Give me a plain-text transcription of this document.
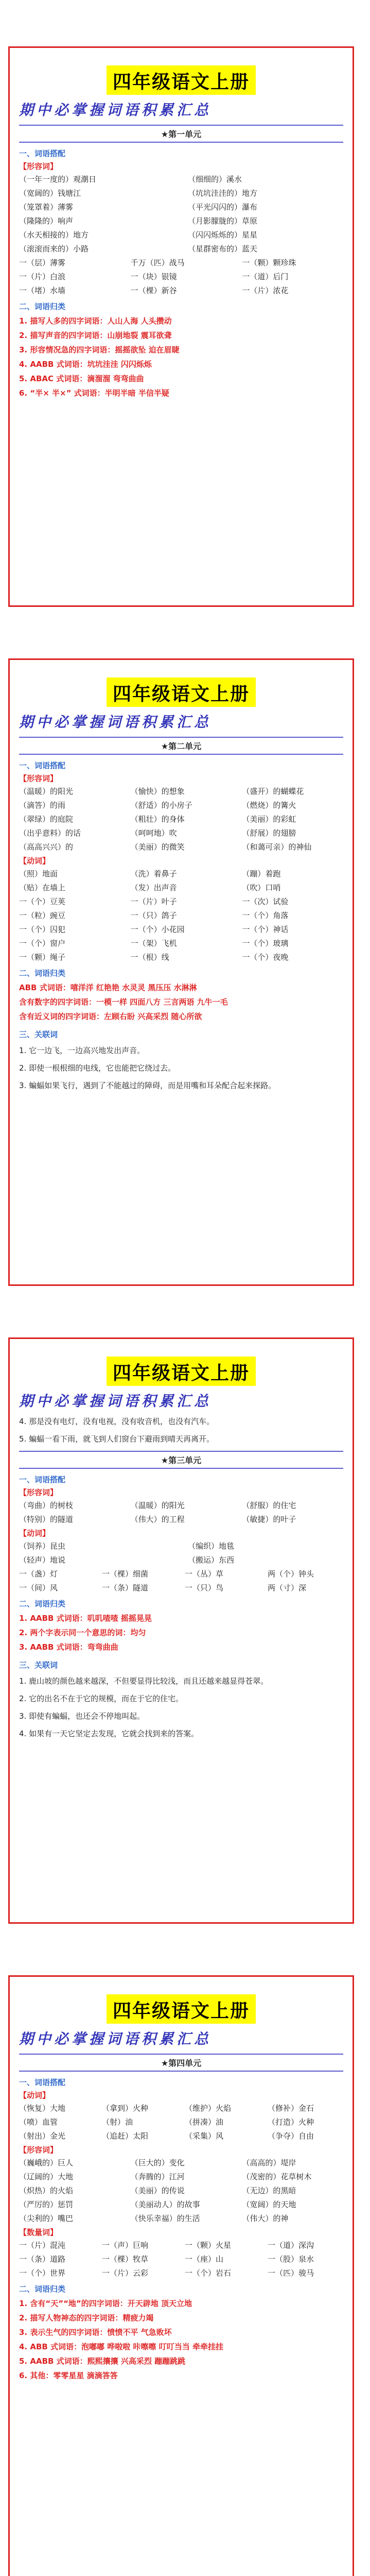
四年级语文上册
期中必掌握词语积累汇总
★第一单元
一、词语搭配
【形容词】
（一年一度的）观潮日	（细细的）溪水
（宽阔的）钱塘江	（坑坑洼洼的）地方
（笼罩着）薄雾	（平光闪闪的）瀑布
（隆隆的）响声	（月影朦胧的）草原
（水天相接的）地方	（闪闪烁烁的）星星
（滚滚而来的）小路	（星群密布的）蓝天
一（层）薄雾	千万（匹）战马	一（颗）颗珍珠
一（片）白浪	一（块）银镜	一（道）后门
一（堵）水墙	一（棵）新谷	一（片）浓花
二、词语归类
1. 描写人多的四字词语：人山人海 人头攒动
2. 描写声音的四字词语：山崩地裂 震耳欲聋
3. 形容情况急的四字词语：摇摇欲坠 迫在眉睫
4. AABB 式词语：坑坑洼洼 闪闪烁烁
5. ABAC 式词语：滴溜溜 弯弯曲曲
6. “半× 半×” 式词语：半明半暗 半信半疑
四年级语文上册
期中必掌握词语积累汇总
★第二单元
一、词语搭配
【形容词】
（温暖）的阳光	（愉快）的想象	（盛开）的蝴蝶花
（滴答）的雨	（舒适）的小房子	（燃烧）的篝火
（翠绿）的庭院	（粗壮）的身体	（美丽）的彩虹
（出乎意料）的话	（呵呵地）吹	（舒展）的翅膀
（高高兴兴）的	（美丽）的微笑	（和蔼可亲）的神仙
【动词】
（照）地面	（洗）着鼻子	（蹦）着跑
（贴）在墙上	（发）出声音	（吹）口哨
一（个）豆荚	一（片）叶子	一（次）试验
一（粒）豌豆	一（只）鸽子	一（个）角落
一（个）囚犯	一（个）小花园	一（个）神话
一（个）窗户	一（架）飞机	一（个）玻璃
一（颗）绳子	一（根）线	一（个）夜晚
二、词语归类
ABB 式词语：嘻洋洋 红艳艳 水灵灵 黑压压 水淋淋
含有数字的四字词语：一模一样 四面八方 三言两语 九牛一毛
含有近义词的四字词语：左顾右盼 兴高采烈 随心所欲
三、关联词
1. 它一边飞，一边高兴地发出声音。
2. 即使一根根细的电线，它也能把它绕过去。
3. 蝙蝠如果飞行，遇到了不能越过的障碍，而是用嘴和耳朵配合起来探路。
四年级语文上册
期中必掌握词语积累汇总
4. 那是没有电灯，没有电视，没有收音机，也没有汽车。
5. 蝙蝠一看下雨，就飞到人们窗台下避雨到晴天再离开。
★第三单元
一、词语搭配
【形容词】
（弯曲）的树枝	（温暖）的阳光	（舒服）的住宅
（特别）的隧道	（伟大）的工程	（敏捷）的叶子
【动词】
（饲养）昆虫	（编织）地毯
（轻声）地说	（搬运）东西
一（盏）灯	一（棵）细菌	一（丛）草	两（个）钟头
一（间）风	一（条）隧道	一（只）鸟	两（寸）深
二、词语归类
1. AABB 式词语：叽叽喳喳 摇摇晃晃
2. 两个字表示同一个意思的词：均匀
3. AABB 式词语：弯弯曲曲
三、关联词
1. 鹿山坡的颜色越来越深，不但要显得比较浅，而且还越来越显得苍翠。
2. 它的出名不在于它的规模，而在于它的住宅。
3. 即使有蝙蝠，也还会不停地叫起。
4. 如果有一天它坚定去发现，它就会找到来的答案。
四年级语文上册
期中必掌握词语积累汇总
★第四单元
一、词语搭配
【动词】
（恢复）大地	（拿到）火种	（维护）火焰	（修补）金石
（喷）血管	（射）油	（拼凑）油	（打造）火种
（射出）金光	（追赶）太阳	（采集）风	（争夺）自由
【形容词】
（巍峨的）巨人	（巨大的）变化	（高高的）堤岸
（辽阔的）大地	（奔腾的）江河	（茂密的）花草树木
（炽热）的火焰	（美丽）的传说	（无边）的黑暗
（严厉的）惩罚	（美丽动人）的故事	（宽阔）的天地
（尖利的）嘴巴	（快乐幸福）的生活	（伟大）的神
【数量词】
一（片）混沌	一（声）巨响	一（颗）火星	一（道）深沟
一（条）道路	一（棵）牧草	一（座）山	一（股）泉水
一（个）世界	一（片）云彩	一（个）岩石	一（匹）骏马
二、词语归类
1. 含有“天”“地”的四字词语：开天辟地 顶天立地
2. 描写人物神态的四字词语：精疲力竭
3. 表示生气的四字词语：愤愤不平 气急败坏
4. ABB 式词语：泡嘟嘟 哗啦啦 咔嚓嚓 叮叮当当 牵牵挂挂
5. AABB 式词语：熙熙攘攘 兴高采烈 蹦蹦跳跳
6. 其他：零零星星 滴滴答答
